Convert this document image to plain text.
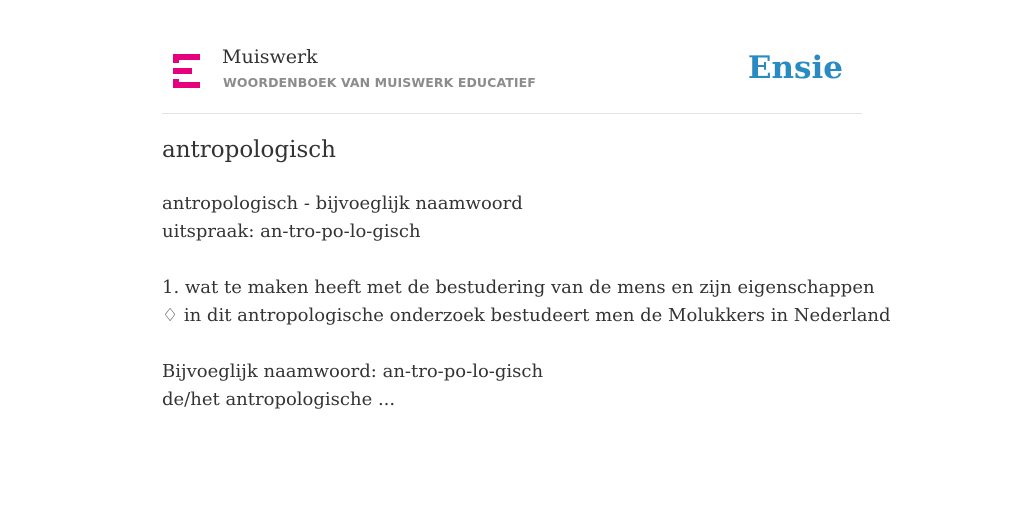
Muiswerk
WOORDENBOEK VAN MUISWERK EDUCATIEF	Ensie
antropologisch
antropologisch - bijvoeglijk naamwoord
uitspraak: an-tro-po-lo-gisch
1. wat te maken heeft met de bestudering van de mens en zijn eigenschappen
♢ in dit antropologische onderzoek bestudeert men de Molukkers in Nederland
Bijvoeglijk naamwoord: an-tro-po-lo-gisch
de/het antropologische ...
